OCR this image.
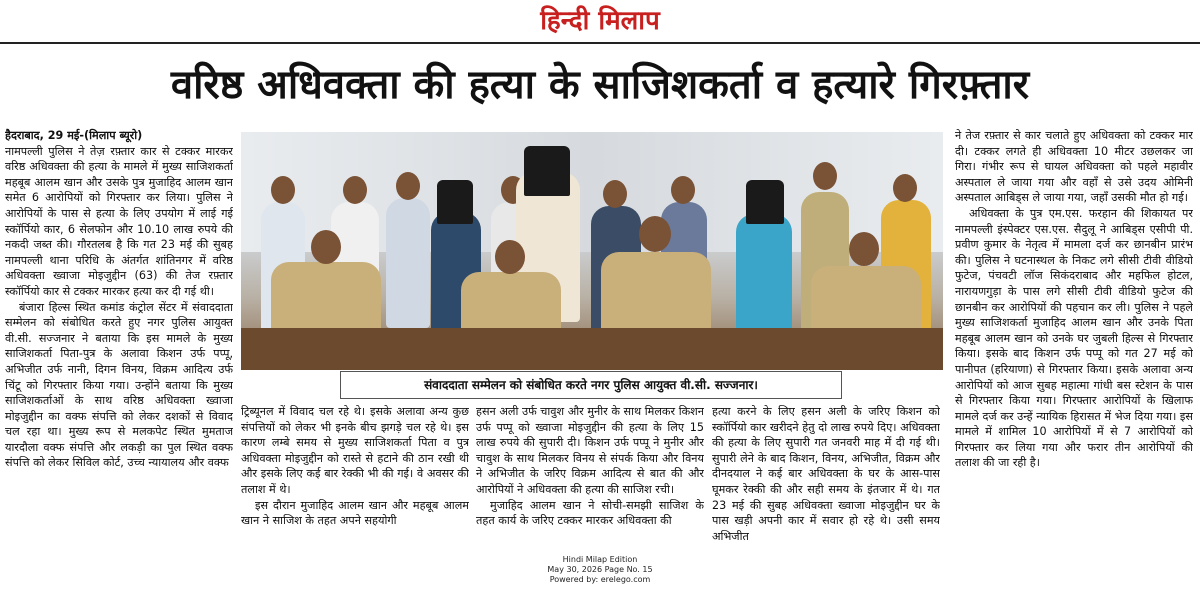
हिन्दी मिलाप
वरिष्ठ अधिवक्ता की हत्या के साजिशकर्ता व हत्यारे गिरफ़्तार

हैदराबाद, 29 मई-(मिलाप ब्यूरो)

नामपल्ली पुलिस ने तेज़ रफ़्तार कार से टक्कर मारकर वरिष्ठ अधिवक्ता की हत्या के मामले में मुख्य साजिशकर्ता महबूब आलम खान और उसके पुत्र मुजाहिद आलम खान समेत 6 आरोपियों को गिरफ्तार कर लिया। पुलिस ने आरोपियों के पास से हत्या के लिए उपयोग में लाई गई स्कॉर्पियो कार, 6 सेलफोन और 10.10 लाख रुपये की नकदी जब्त की। गौरतलब है कि गत 23 मई की सुबह नामपल्ली थाना परिधि के अंतर्गत शांतिनगर में वरिष्ठ अधिवक्ता ख्वाजा मोइजुद्दीन (63) की तेज रफ़्तार स्कॉर्पियो कार से टक्कर मारकर हत्या कर दी गई थी।

बंजारा हिल्स स्थित कमांड कंट्रोल सेंटर में संवाददाता सम्मेलन को संबोधित करते हुए नगर पुलिस आयुक्त वी.सी. सज्जनार ने बताया कि इस मामले के मुख्य साजिशकर्ता पिता-पुत्र के अलावा किशन उर्फ पप्पू, अभिजीत उर्फ नानी, दिगन विनय, विक्रम आदित्य उर्फ चिंटू को गिरफ्तार किया गया। उन्होंने बताया कि मुख्य साजिशकर्ताओं के साथ वरिष्ठ अधिवक्ता ख्वाजा मोइजुद्दीन का वक्फ संपत्ति को लेकर दशकों से विवाद चल रहा था। मुख्य रूप से मलकपेट स्थित मुमताज यारदौला वक्फ संपत्ति और लकड़ी का पुल स्थित वक्फ संपत्ति को लेकर सिविल कोर्ट, उच्च न्यायालय और वक्फ

संवाददाता सम्मेलन को संबोधित करते नगर पुलिस आयुक्त वी.सी. सज्जनार।

ट्रिब्यूनल में विवाद चल रहे थे। इसके अलावा अन्य कुछ संपत्तियों को लेकर भी इनके बीच झगड़े चल रहे थे। इस कारण लम्बे समय से मुख्य साजिशकर्ता पिता व पुत्र अधिवक्ता मोइजुद्दीन को रास्ते से हटाने की ठान रखी थी और इसके लिए कई बार रेक्की भी की गई। वे अवसर की तलाश में थे।

इस दौरान मुजाहिद आलम खान और महबूब आलम खान ने साजिश के तहत अपने सहयोगी

हसन अली उर्फ चावुश और मुनीर के साथ मिलकर किशन उर्फ पप्पू को ख्वाजा मोइजुद्दीन की हत्या के लिए 15 लाख रुपये की सुपारी दी। किशन उर्फ पप्पू ने मुनीर और चावुश के साथ मिलकर विनय से संपर्क किया और विनय ने अभिजीत के जरिए विक्रम आदित्य से बात की और आरोपियों ने अधिवक्ता की हत्या की साजिश रची।

मुजाहिद आलम खान ने सोची-समझी साजिश के तहत कार्य के जरिए टक्कर मारकर अधिवक्ता की

हत्या करने के लिए हसन अली के जरिए किशन को स्कॉर्पियो कार खरीदने हेतु दो लाख रुपये दिए। अधिवक्ता की हत्या के लिए सुपारी गत जनवरी माह में दी गई थी। सुपारी लेने के बाद किशन, विनय, अभिजीत, विक्रम और दीनदयाल ने कई बार अधिवक्ता के घर के आस-पास घूमकर रेक्की की और सही समय के इंतजार में थे। गत 23 मई की सुबह अधिवक्ता ख्वाजा मोइजुद्दीन घर के पास खड़ी अपनी कार में सवार हो रहे थे। उसी समय अभिजीत

ने तेज रफ़्तार से कार चलाते हुए अधिवक्ता को टक्कर मार दी। टक्कर लगते ही अधिवक्ता 10 मीटर उछलकर जा गिरा। गंभीर रूप से घायल अधिवक्ता को पहले महावीर अस्पताल ले जाया गया और वहाँ से उसे उदय ओमिनी अस्पताल आबिड्स ले जाया गया, जहाँ उसकी मौत हो गई।

अधिवक्ता के पुत्र एम.एस. फरहान की शिकायत पर नामपल्ली इंस्पेक्टर एस.एस. सैदुलू ने आबिड्स एसीपी पी. प्रवीण कुमार के नेतृत्व में मामला दर्ज कर छानबीन प्रारंभ की। पुलिस ने घटनास्थल के निकट लगे सीसी टीवी वीडियो फुटेज, पंचवटी लॉज सिकंदराबाद और महफिल होटल, नारायणगुड़ा के पास लगे सीसी टीवी वीडियो फुटेज की छानबीन कर आरोपियों की पहचान कर ली। पुलिस ने पहले मुख्य साजिशकर्ता मुजाहिद आलम खान और उनके पिता महबूब आलम खान को उनके घर जुबली हिल्स से गिरफ्तार किया। इसके बाद किशन उर्फ पप्पू को गत 27 मई को पानीपत (हरियाणा) से गिरफ्तार किया। इसके अलावा अन्य आरोपियों को आज सुबह महात्मा गांधी बस स्टेशन के पास से गिरफ्तार किया गया। गिरफ्तार आरोपियों के खिलाफ मामले दर्ज कर उन्हें न्यायिक हिरासत में भेज दिया गया। इस मामले में शामिल 10 आरोपियों में से 7 आरोपियों को गिरफ्तार कर लिया गया और फरार तीन आरोपियों की तलाश की जा रही है।

Hindi Milap Edition
May 30, 2026 Page No. 15
Powered by: erelego.com
